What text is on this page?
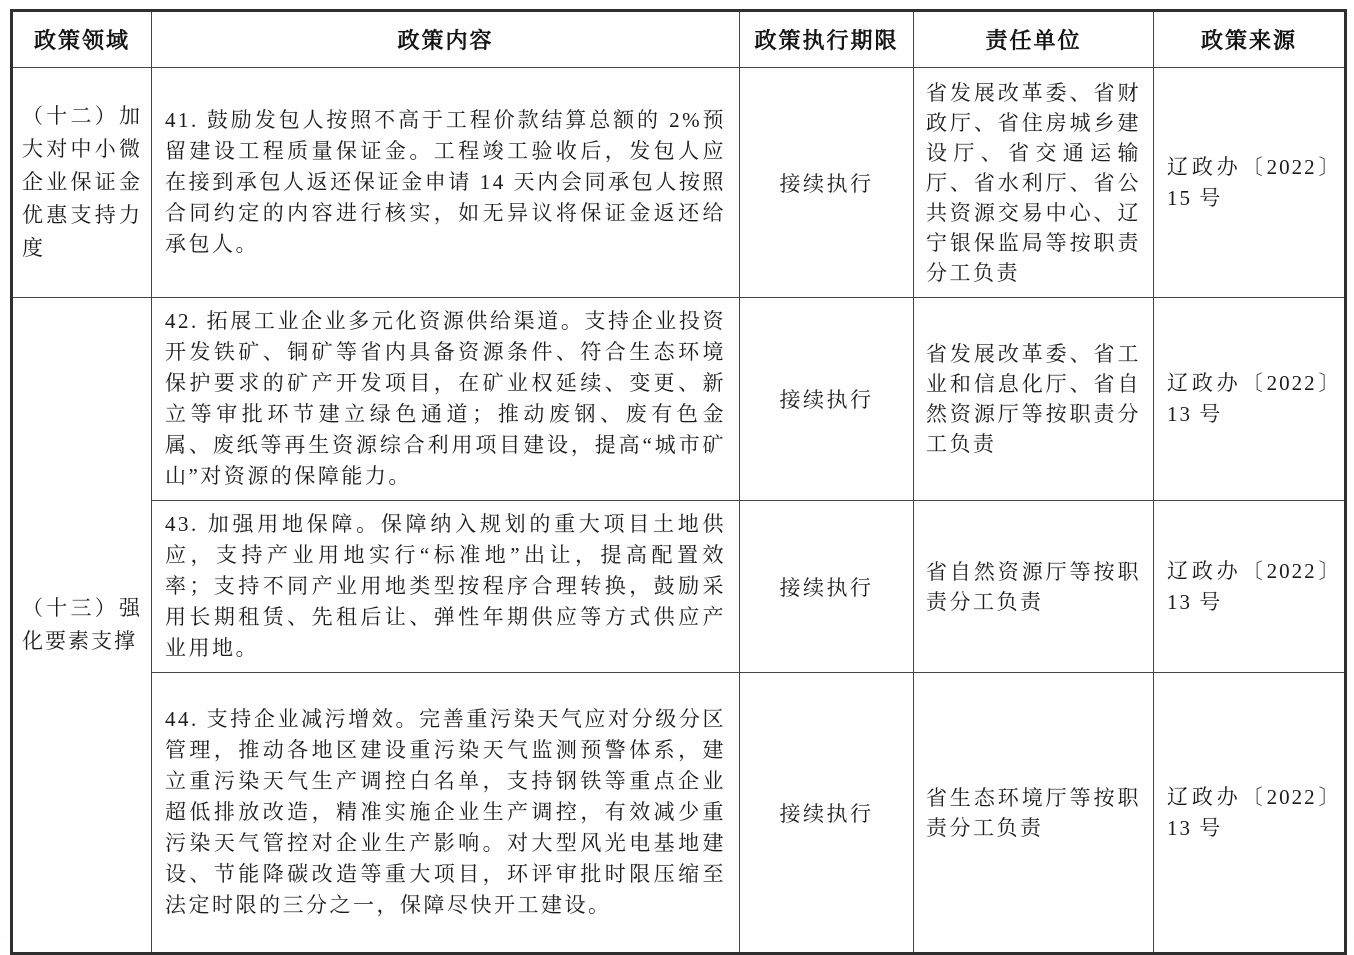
政策领域	政策内容	政策执行期限	责任单位	政策来源
（十二）加大对中小微企业保证金优惠支持力度	41. 鼓励发包人按照不高于工程价款结算总额的 2%预留建设工程质量保证金。工程竣工验收后，发包人应在接到承包人返还保证金申请 14 天内会同承包人按照合同约定的内容进行核实，如无异议将保证金返还给承包人。	接续执行	省发展改革委、省财政厅、省住房城乡建设厅、省交通运输厅、省水利厅、省公共资源交易中心、辽宁银保监局等按职责分工负责	辽政办〔2022〕15 号
（十三）强化要素支撑	42. 拓展工业企业多元化资源供给渠道。支持企业投资开发铁矿、铜矿等省内具备资源条件、符合生态环境保护要求的矿产开发项目，在矿业权延续、变更、新立等审批环节建立绿色通道；推动废钢、废有色金属、废纸等再生资源综合利用项目建设，提高“城市矿山”对资源的保障能力。	接续执行	省发展改革委、省工业和信息化厅、省自然资源厅等按职责分工负责	辽政办〔2022〕13 号
	43. 加强用地保障。保障纳入规划的重大项目土地供应，支持产业用地实行“标准地”出让，提高配置效率；支持不同产业用地类型按程序合理转换，鼓励采用长期租赁、先租后让、弹性年期供应等方式供应产业用地。	接续执行	省自然资源厅等按职责分工负责	辽政办〔2022〕13 号
	44. 支持企业减污增效。完善重污染天气应对分级分区管理，推动各地区建设重污染天气监测预警体系，建立重污染天气生产调控白名单，支持钢铁等重点企业超低排放改造，精准实施企业生产调控，有效减少重污染天气管控对企业生产影响。对大型风光电基地建设、节能降碳改造等重大项目，环评审批时限压缩至法定时限的三分之一，保障尽快开工建设。	接续执行	省生态环境厅等按职责分工负责	辽政办〔2022〕13 号
